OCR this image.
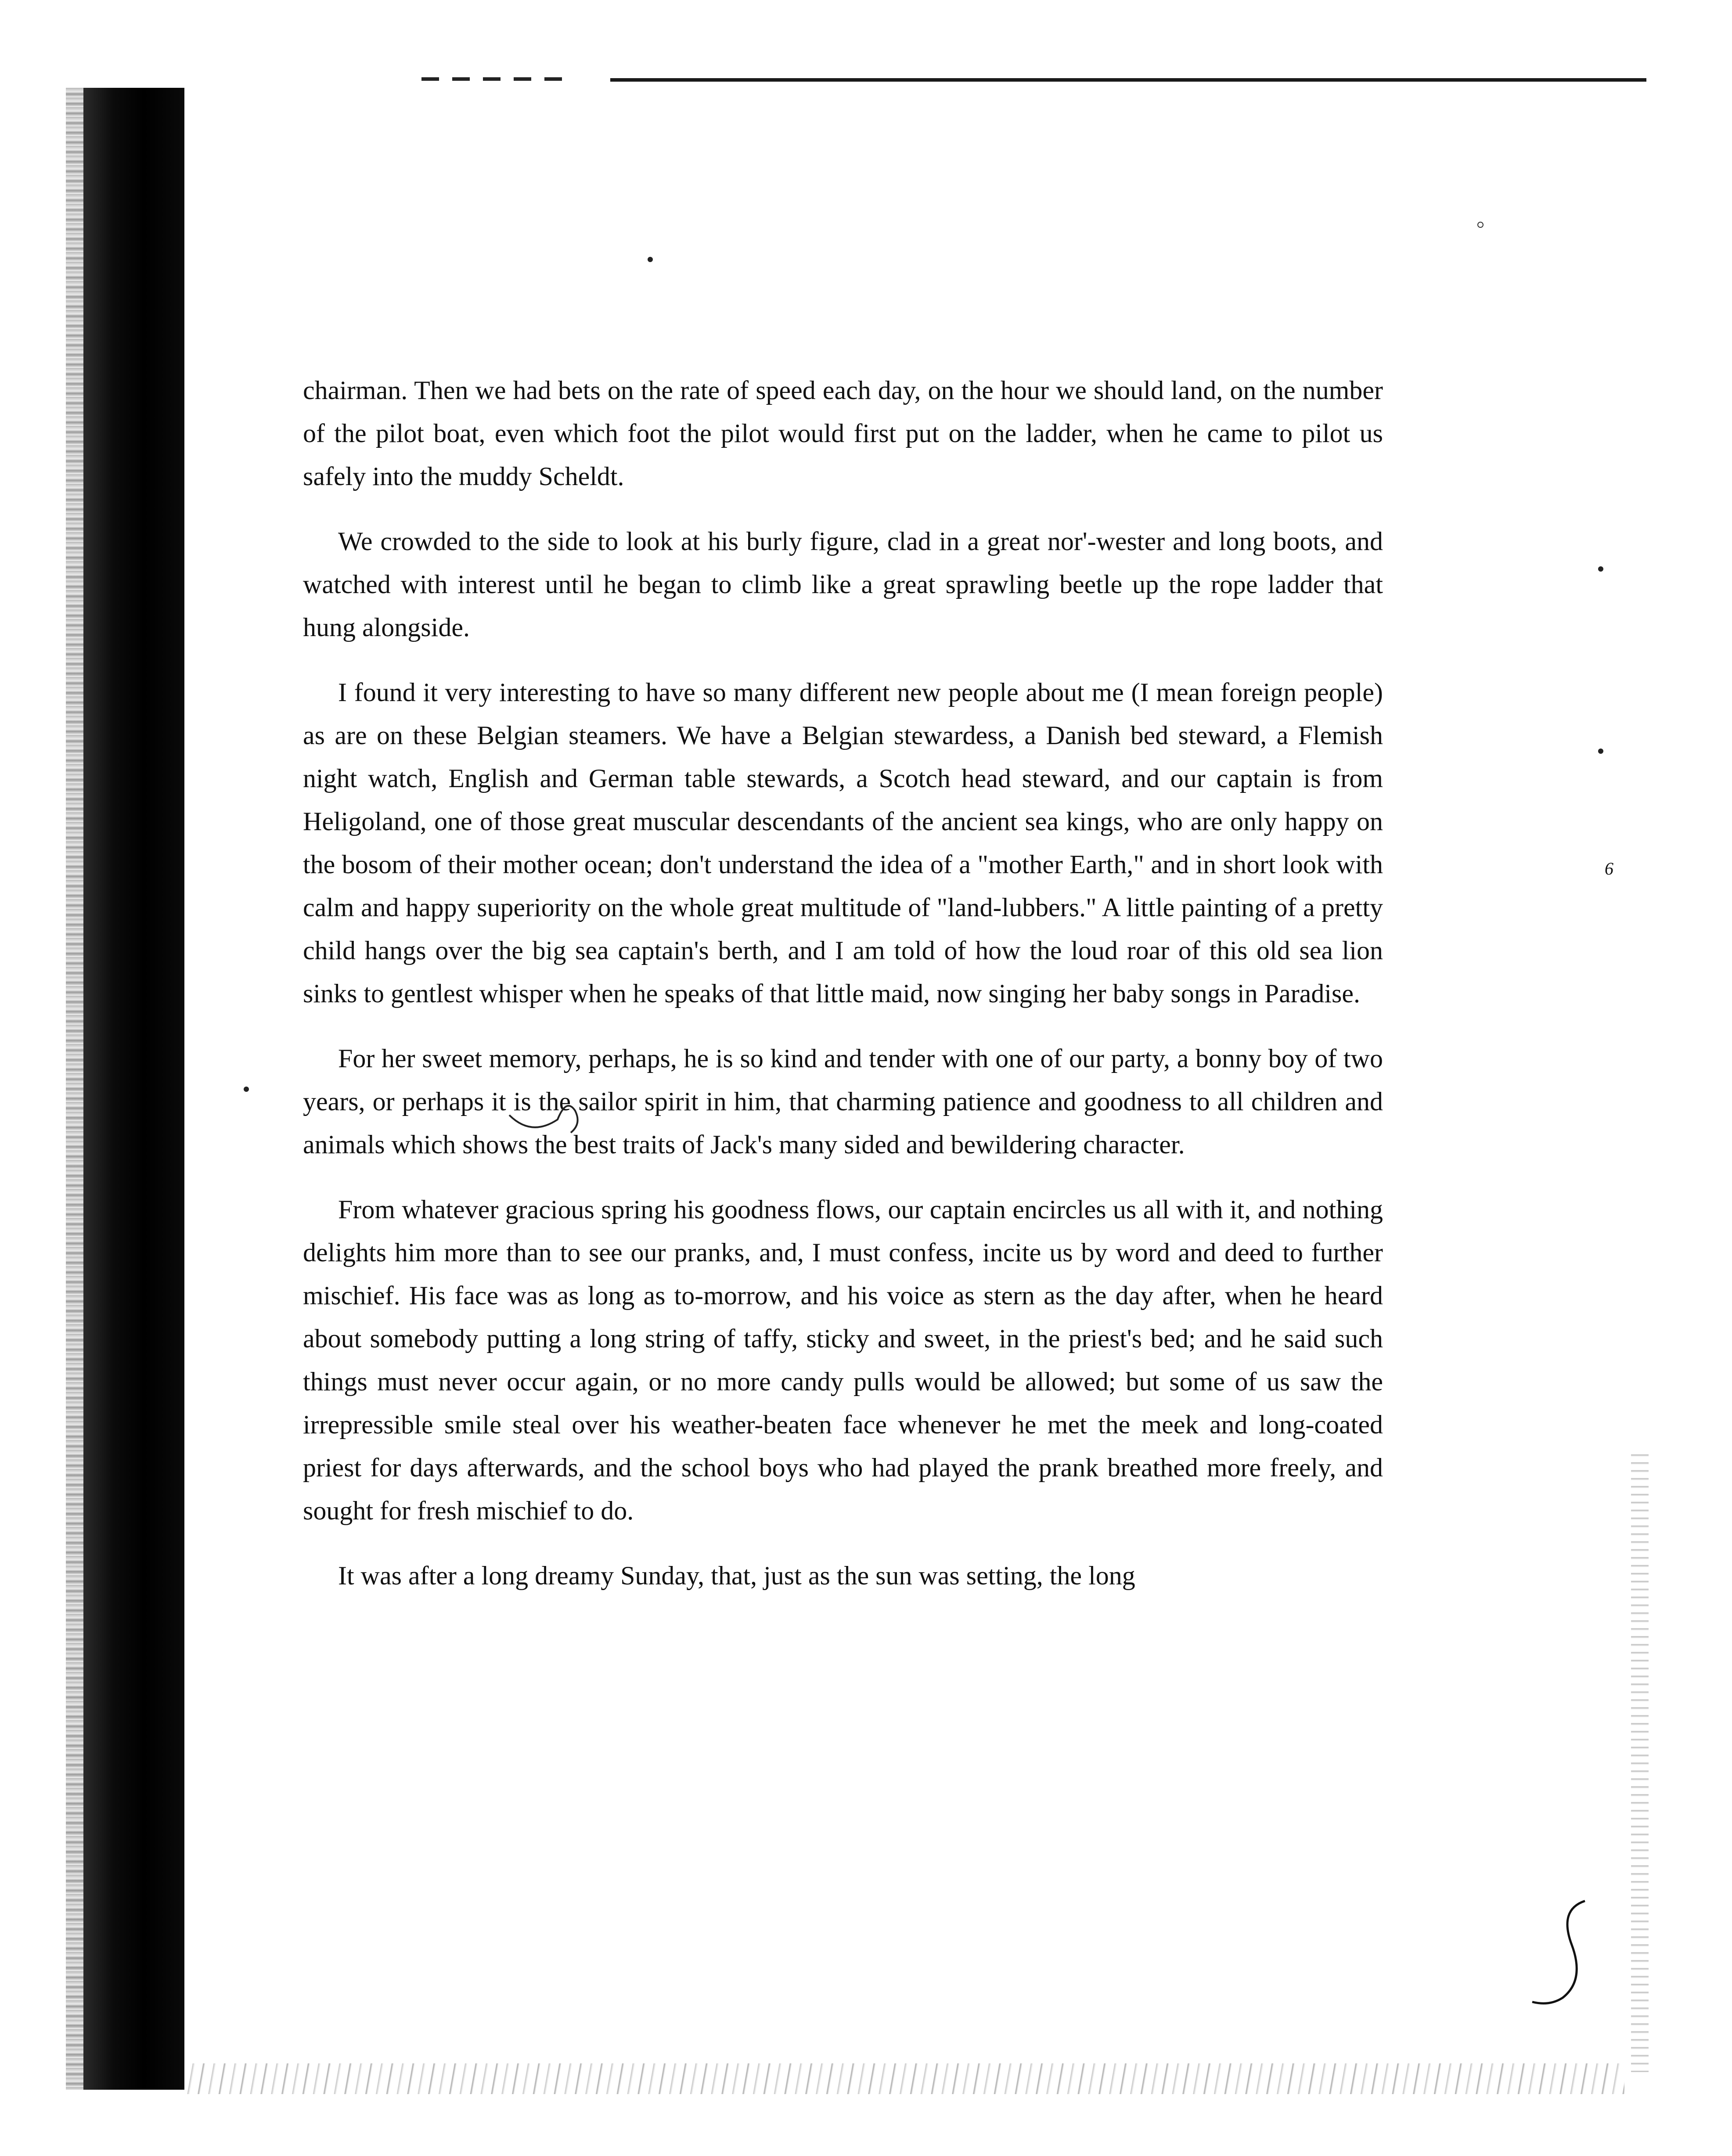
6

chairman. Then we had bets on the rate of speed each day, on the hour we should land, on the number of the pilot boat, even which foot the pilot would first put on the ladder, when he came to pilot us safely into the muddy Scheldt.

We crowded to the side to look at his burly figure, clad in a great nor'-wester and long boots, and watched with interest until he began to climb like a great sprawling beetle up the rope ladder that hung alongside.

I found it very interesting to have so many different new people about me (I mean foreign people) as are on these Belgian steamers. We have a Belgian stewardess, a Danish bed steward, a Flemish night watch, English and German table stewards, a Scotch head steward, and our captain is from Heligoland, one of those great muscular descendants of the ancient sea kings, who are only happy on the bosom of their mother ocean; don't understand the idea of a "mother Earth," and in short look with calm and happy superiority on the whole great multitude of "land-lubbers." A little painting of a pretty child hangs over the big sea captain's berth, and I am told of how the loud roar of this old sea lion sinks to gentlest whisper when he speaks of that little maid, now singing her baby songs in Paradise.

For her sweet memory, perhaps, he is so kind and tender with one of our party, a bonny boy of two years, or perhaps it is the sailor spirit in him, that charming patience and goodness to all children and animals which shows the best traits of Jack's many sided and bewildering character.

From whatever gracious spring his goodness flows, our captain encircles us all with it, and nothing delights him more than to see our pranks, and, I must confess, incite us by word and deed to further mischief. His face was as long as to-morrow, and his voice as stern as the day after, when he heard about somebody putting a long string of taffy, sticky and sweet, in the priest's bed; and he said such things must never occur again, or no more candy pulls would be allowed; but some of us saw the irrepressible smile steal over his weather-beaten face whenever he met the meek and long-coated priest for days afterwards, and the school boys who had played the prank breathed more freely, and sought for fresh mischief to do.

It was after a long dreamy Sunday, that, just as the sun was setting, the long
